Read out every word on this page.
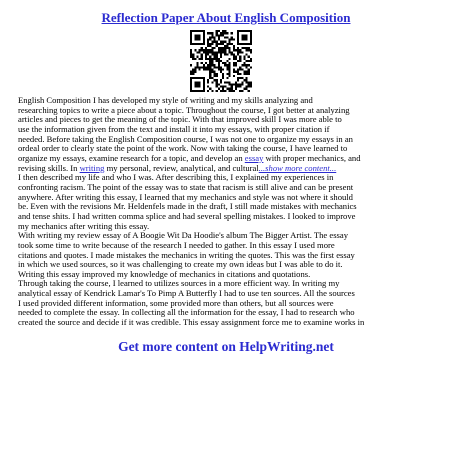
Reflection Paper About English Composition
English Composition I has developed my style of writing and my skills analyzing and
researching topics to write a piece about a topic. Throughout the course, I got better at analyzing
articles and pieces to get the meaning of the topic. With that improved skill I was more able to
use the information given from the text and install it into my essays, with proper citation if
needed. Before taking the English Composition course, I was not one to organize my essays in an
ordeal order to clearly state the point of the work. Now with taking the course, I have learned to
organize my essays, examine research for a topic, and develop an essay with proper mechanics, and
revising skills. In writing my personal, review, analytical, and cultural...show more content...
I then described my life and who I was. After describing this, I explained my experiences in
confronting racism. The point of the essay was to state that racism is still alive and can be present
anywhere. After writing this essay, I learned that my mechanics and style was not where it should
be. Even with the revisions Mr. Heldenfels made in the draft, I still made mistakes with mechanics
and tense shits. I had written comma splice and had several spelling mistakes. I looked to improve
my mechanics after writing this essay.
With writing my review essay of A Boogie Wit Da Hoodie's album The Bigger Artist. The essay
took some time to write because of the research I needed to gather. In this essay I used more
citations and quotes. I made mistakes the mechanics in writing the quotes. This was the first essay
in which we used sources, so it was challenging to create my own ideas but I was able to do it.
Writing this essay improved my knowledge of mechanics in citations and quotations.
Through taking the course, I learned to utilizes sources in a more efficient way. In writing my
analytical essay of Kendrick Lamar's To Pimp A Butterfly I had to use ten sources. All the sources
I used provided different information, some provided more than others, but all sources were
needed to complete the essay. In collecting all the information for the essay, I had to research who
created the source and decide if it was credible. This essay assignment force me to examine works in

Get more content on HelpWriting.net
